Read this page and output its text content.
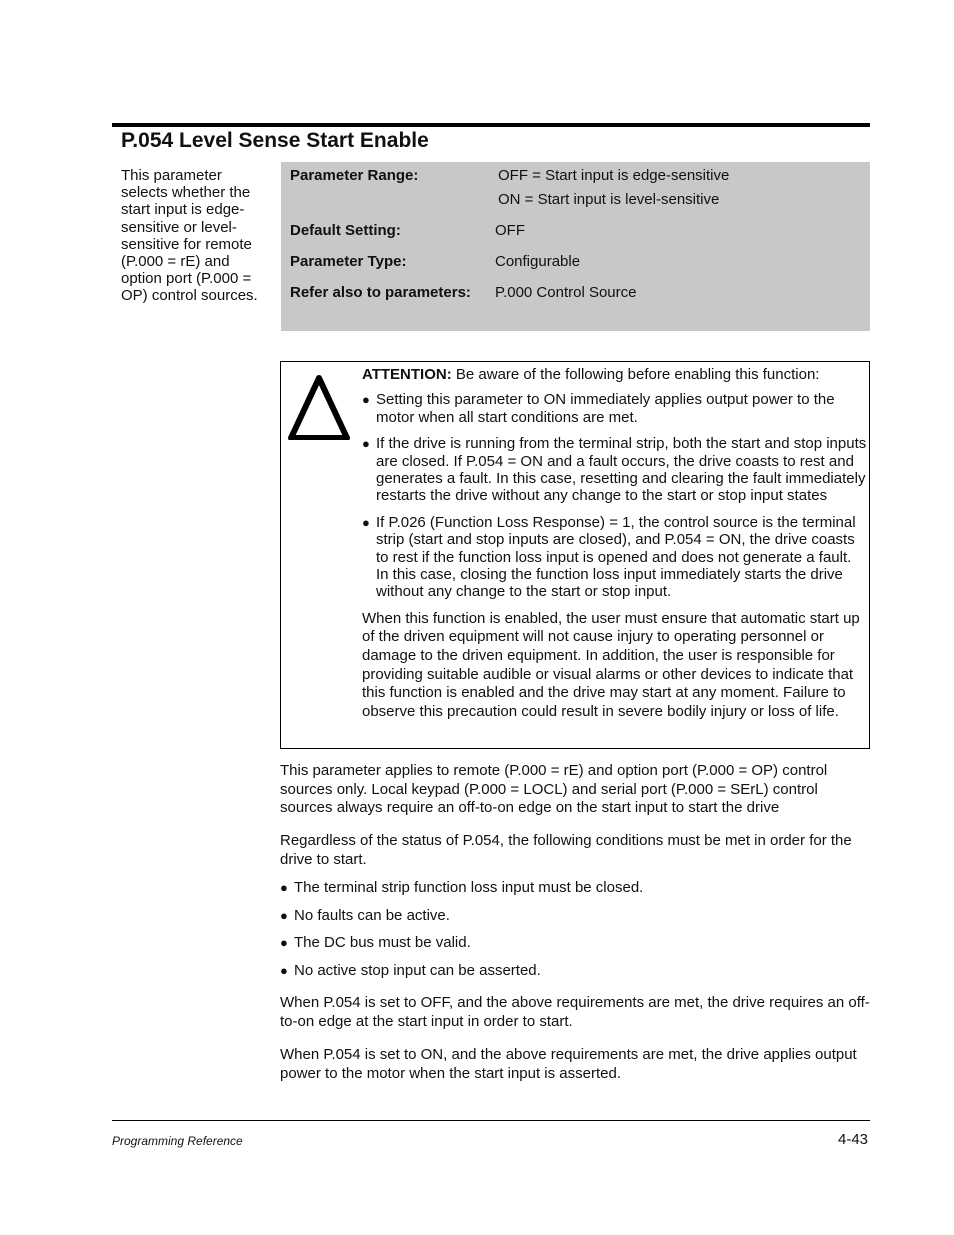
P.054 Level Sense Start Enable

This parameter selects whether the start input is edge-sensitive or level-sensitive for remote (P.000 = rE) and option port (P.000 = OP) control sources.

Parameter Range:	OFF = Start input is edge-sensitive
ON = Start input is level-sensitive
Default Setting:	OFF
Parameter Type:	Configurable
Refer also to parameters: P.000 Control Source

ATTENTION: Be aware of the following before enabling this function:

● Setting this parameter to ON immediately applies output power to the motor when all start conditions are met.

● If the drive is running from the terminal strip, both the start and stop inputs are closed. If P.054 = ON and a fault occurs, the drive coasts to rest and generates a fault. In this case, resetting and clearing the fault immediately restarts the drive without any change to the start or stop input states

● If P.026 (Function Loss Response) = 1, the control source is the terminal strip (start and stop inputs are closed), and P.054 = ON, the drive coasts to rest if the function loss input is opened and does not generate a fault. In this case, closing the function loss input immediately starts the drive without any change to the start or stop input.

When this function is enabled, the user must ensure that automatic start up of the driven equipment will not cause injury to operating personnel or damage to the driven equipment. In addition, the user is responsible for providing suitable audible or visual alarms or other devices to indicate that this function is enabled and the drive may start at any moment. Failure to observe this precaution could result in severe bodily injury or loss of life.

This parameter applies to remote (P.000 = rE) and option port (P.000 = OP) control sources only. Local keypad (P.000 = LOCL) and serial port (P.000 = SErL) control sources always require an off-to-on edge on the start input to start the drive

Regardless of the status of P.054, the following conditions must be met in order for the drive to start.

● The terminal strip function loss input must be closed.

● No faults can be active.

● The DC bus must be valid.

● No active stop input can be asserted.

When P.054 is set to OFF, and the above requirements are met, the drive requires an off-to-on edge at the start input in order to start.

When P.054 is set to ON, and the above requirements are met, the drive applies output power to the motor when the start input is asserted.

Programming Reference	4-43
